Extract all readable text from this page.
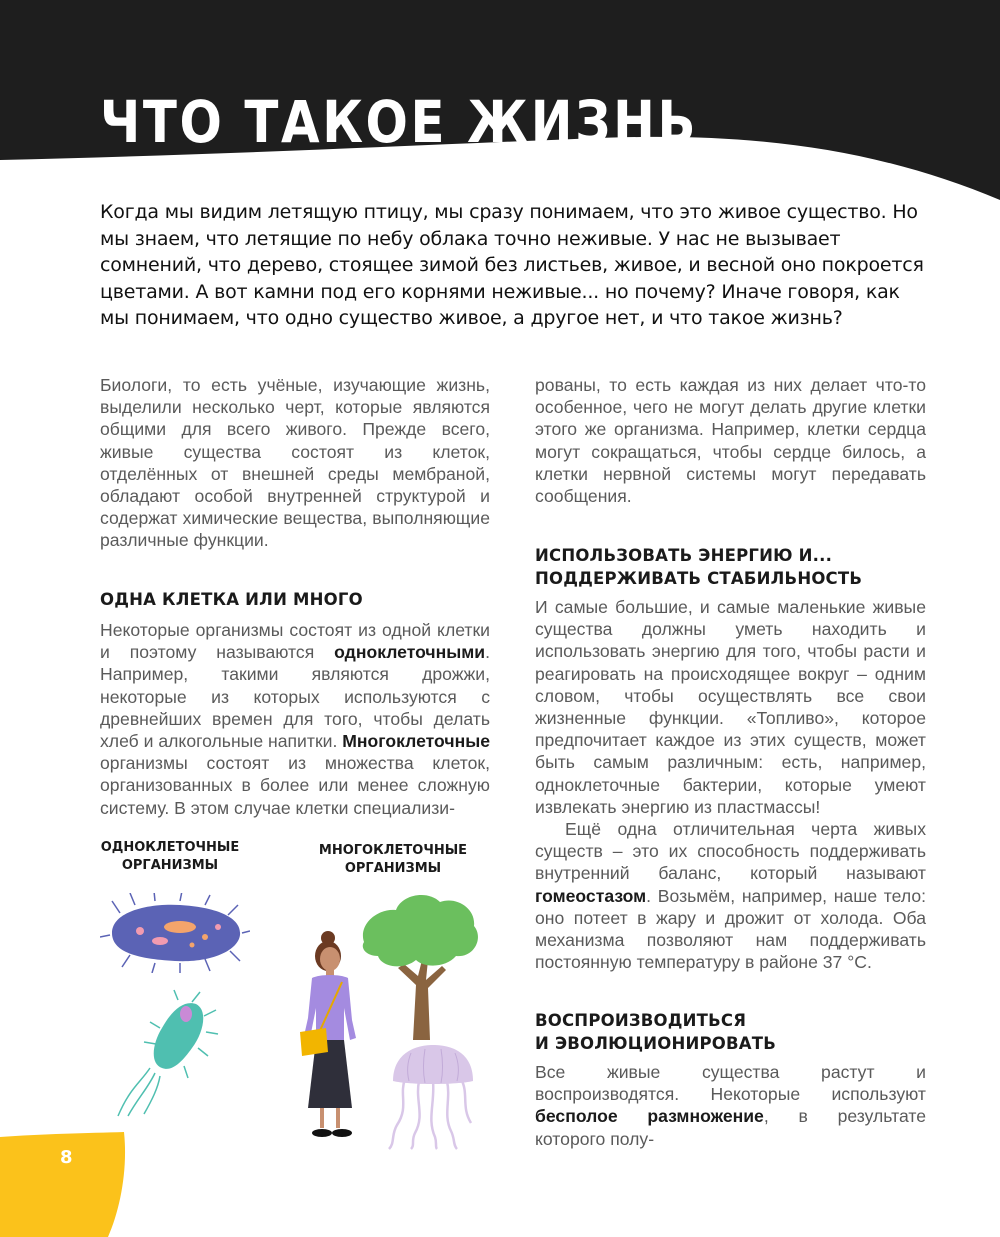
ЧТО ТАКОЕ ЖИЗНЬ

Когда мы видим летящую птицу, мы сразу понимаем, что это живое существо. Но мы знаем, что летящие по небу облака точно неживые. У нас не вызывает сомнений, что дерево, стоящее зимой без листьев, живое, и весной оно покроется цветами. А вот камни под его корнями неживые... но почему? Иначе говоря, как мы понимаем, что одно существо живое, а другое нет, и что такое жизнь?

Биологи, то есть учёные, изучающие жизнь, выделили несколько черт, которые являются общими для всего живого. Прежде всего, живые существа состоят из клеток, отделённых от внешней среды мембраной, обладают особой внутренней структурой и содержат химические вещества, выполняющие различные функции.

ОДНА КЛЕТКА ИЛИ МНОГО

Некоторые организмы состоят из одной клетки и поэтому называются одноклеточными. Например, такими являются дрожжи, некоторые из которых используются с древнейших времен для того, чтобы делать хлеб и алкогольные напитки. Многоклеточные организмы состоят из множества клеток, организованных в более или менее сложную систему. В этом случае клетки специализи-

ОДНОКЛЕТОЧНЫЕ ОРГАНИЗМЫ
МНОГОКЛЕТОЧНЫЕ ОРГАНИЗМЫ

рованы, то есть каждая из них делает что-то особенное, чего не могут делать другие клетки этого же организма. Например, клетки сердца могут сокращаться, чтобы сердце билось, а клетки нервной системы могут передавать сообщения.

ИСПОЛЬЗОВАТЬ ЭНЕРГИЮ И...
ПОДДЕРЖИВАТЬ СТАБИЛЬНОСТЬ

И самые большие, и самые маленькие живые существа должны уметь находить и использовать энергию для того, чтобы расти и реагировать на происходящее вокруг – одним словом, чтобы осуществлять все свои жизненные функции. «Топливо», которое предпочитает каждое из этих существ, может быть самым различным: есть, например, одноклеточные бактерии, которые умеют извлекать энергию из пластмассы!

Ещё одна отличительная черта живых существ – это их способность поддерживать внутренний баланс, который называют гомеостазом. Возьмём, например, наше тело: оно потеет в жару и дрожит от холода. Оба механизма позволяют нам поддерживать постоянную температуру в районе 37 °C.

ВОСПРОИЗВОДИТЬСЯ
И ЭВОЛЮЦИОНИРОВАТЬ

Все живые существа растут и воспроизводятся. Некоторые используют бесполое размножение, в результате которого полу-

8
